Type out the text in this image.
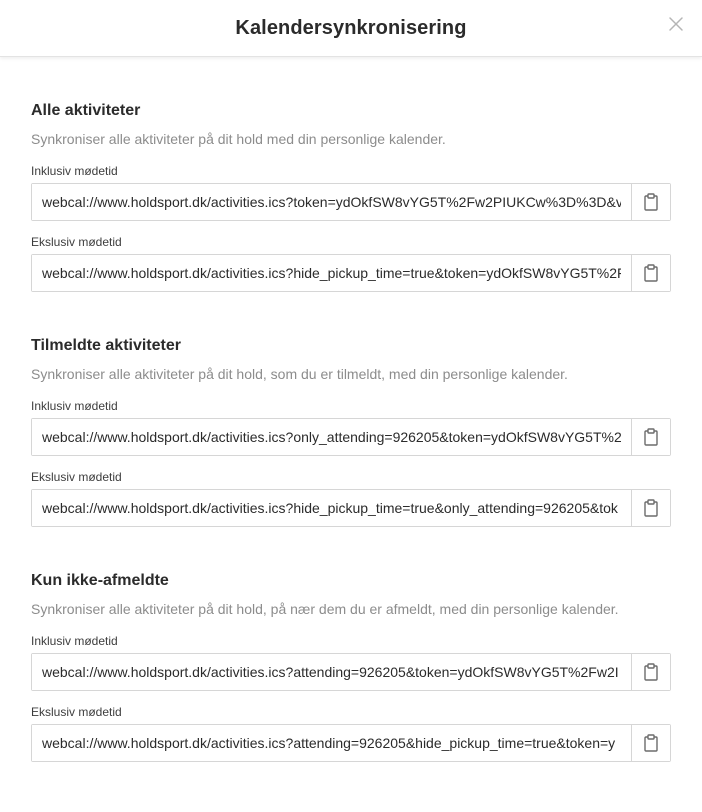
Kalendersynkronisering
Alle aktiviteter
Synkroniser alle aktiviteter på dit hold med din personlige kalender.
Inklusiv mødetid
webcal://www.holdsport.dk/activities.ics?token=ydOkfSW8vYG5T%2Fw2PIUKCw%3D%3D&v
Ekslusiv mødetid
webcal://www.holdsport.dk/activities.ics?hide_pickup_time=true&token=ydOkfSW8vYG5T%2F
Tilmeldte aktiviteter
Synkroniser alle aktiviteter på dit hold, som du er tilmeldt, med din personlige kalender.
Inklusiv mødetid
webcal://www.holdsport.dk/activities.ics?only_attending=926205&token=ydOkfSW8vYG5T%2
Ekslusiv mødetid
webcal://www.holdsport.dk/activities.ics?hide_pickup_time=true&only_attending=926205&tok
Kun ikke-afmeldte
Synkroniser alle aktiviteter på dit hold, på nær dem du er afmeldt, med din personlige kalender.
Inklusiv mødetid
webcal://www.holdsport.dk/activities.ics?attending=926205&token=ydOkfSW8vYG5T%2Fw2I
Ekslusiv mødetid
webcal://www.holdsport.dk/activities.ics?attending=926205&hide_pickup_time=true&token=y
